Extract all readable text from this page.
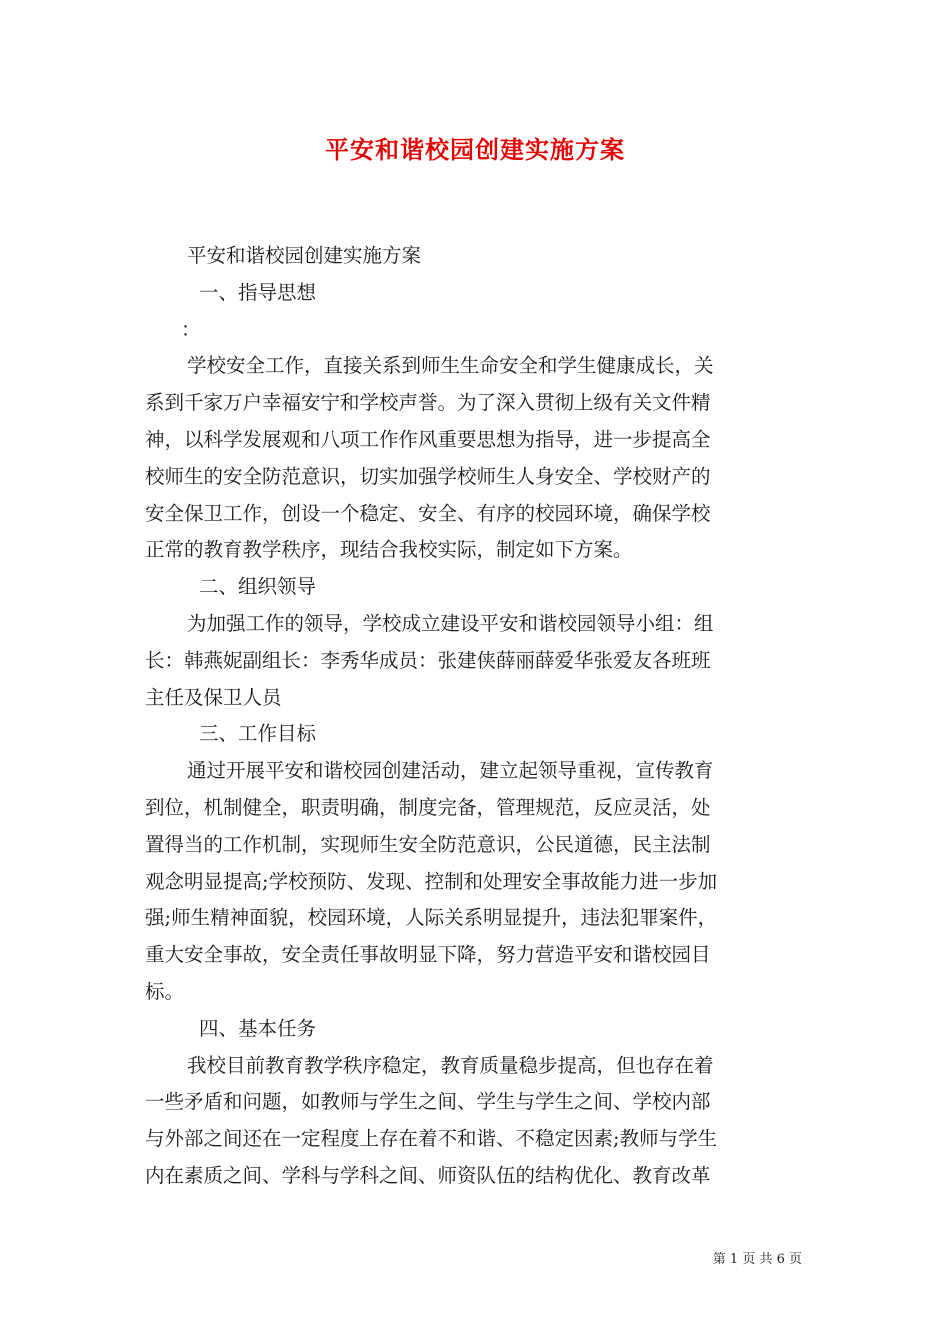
平安和谐校园创建实施方案
平安和谐校园创建实施方案
一、指导思想
：
学校安全工作，直接关系到师生生命安全和学生健康成长，关
系到千家万户幸福安宁和学校声誉。为了深入贯彻上级有关文件精
神，以科学发展观和八项工作作风重要思想为指导，进一步提高全
校师生的安全防范意识，切实加强学校师生人身安全、学校财产的
安全保卫工作，创设一个稳定、安全、有序的校园环境，确保学校
正常的教育教学秩序，现结合我校实际，制定如下方案。
二、组织领导
为加强工作的领导，学校成立建设平安和谐校园领导小组：组
长：韩燕妮副组长：李秀华成员：张建侠薛丽薛爱华张爱友各班班
主任及保卫人员
三、工作目标
通过开展平安和谐校园创建活动，建立起领导重视，宣传教育
到位，机制健全，职责明确，制度完备，管理规范，反应灵活，处
置得当的工作机制，实现师生安全防范意识，公民道德，民主法制
观念明显提高;学校预防、发现、控制和处理安全事故能力进一步加
强;师生精神面貌，校园环境，人际关系明显提升，违法犯罪案件，
重大安全事故，安全责任事故明显下降，努力营造平安和谐校园目
标。
四、基本任务
我校目前教育教学秩序稳定，教育质量稳步提高，但也存在着
一些矛盾和问题，如教师与学生之间、学生与学生之间、学校内部
与外部之间还在一定程度上存在着不和谐、不稳定因素;教师与学生
内在素质之间、学科与学科之间、师资队伍的结构优化、教育改革
第 1 页 共 6 页
